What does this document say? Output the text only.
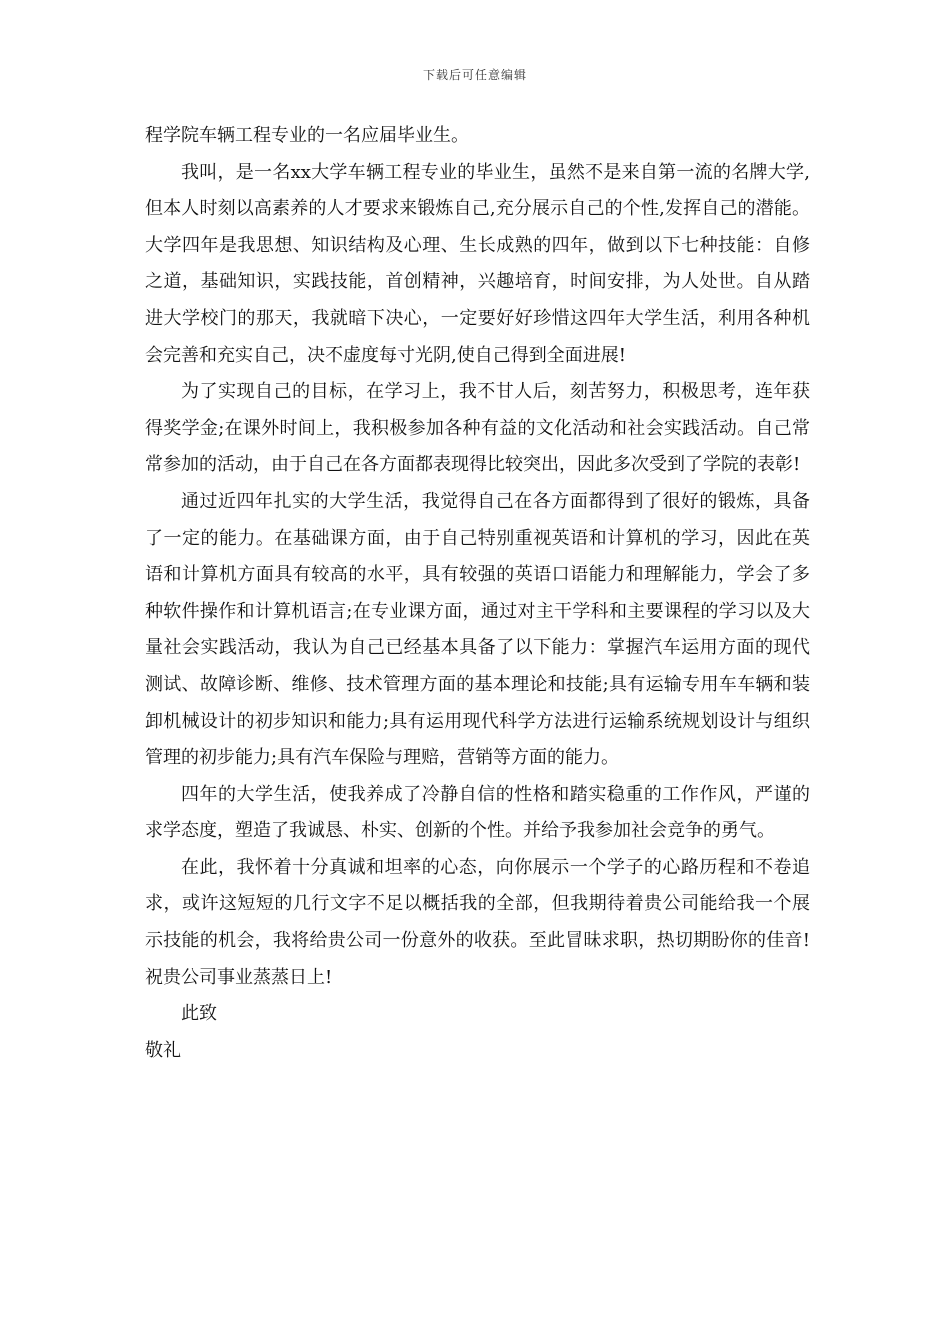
下载后可任意编辑

程学院车辆工程专业的一名应届毕业生。

我叫，是一名xx大学车辆工程专业的毕业生，虽然不是来自第一流的名牌大学,但本人时刻以高素养的人才要求来锻炼自己,充分展示自己的个性,发挥自己的潜能。大学四年是我思想、知识结构及心理、生长成熟的四年，做到以下七种技能：自修之道，基础知识，实践技能，首创精神，兴趣培育，时间安排，为人处世。自从踏进大学校门的那天，我就暗下决心，一定要好好珍惜这四年大学生活，利用各种机会完善和充实自己，决不虚度每寸光阴,使自己得到全面进展!

为了实现自己的目标，在学习上，我不甘人后，刻苦努力，积极思考，连年获得奖学金;在课外时间上，我积极参加各种有益的文化活动和社会实践活动。自己常常参加的活动，由于自己在各方面都表现得比较突出，因此多次受到了学院的表彰!

通过近四年扎实的大学生活，我觉得自己在各方面都得到了很好的锻炼，具备了一定的能力。在基础课方面，由于自己特别重视英语和计算机的学习，因此在英语和计算机方面具有较高的水平，具有较强的英语口语能力和理解能力，学会了多种软件操作和计算机语言;在专业课方面，通过对主干学科和主要课程的学习以及大量社会实践活动，我认为自己已经基本具备了以下能力：掌握汽车运用方面的现代测试、故障诊断、维修、技术管理方面的基本理论和技能;具有运输专用车车辆和装卸机械设计的初步知识和能力;具有运用现代科学方法进行运输系统规划设计与组织管理的初步能力;具有汽车保险与理赔，营销等方面的能力。

四年的大学生活，使我养成了冷静自信的性格和踏实稳重的工作作风，严谨的求学态度，塑造了我诚恳、朴实、创新的个性。并给予我参加社会竞争的勇气。

在此，我怀着十分真诚和坦率的心态，向你展示一个学子的心路历程和不卷追求，或许这短短的几行文字不足以概括我的全部，但我期待着贵公司能给我一个展示技能的机会，我将给贵公司一份意外的收获。至此冒昧求职，热切期盼你的佳音!祝贵公司事业蒸蒸日上!

此致

敬礼
